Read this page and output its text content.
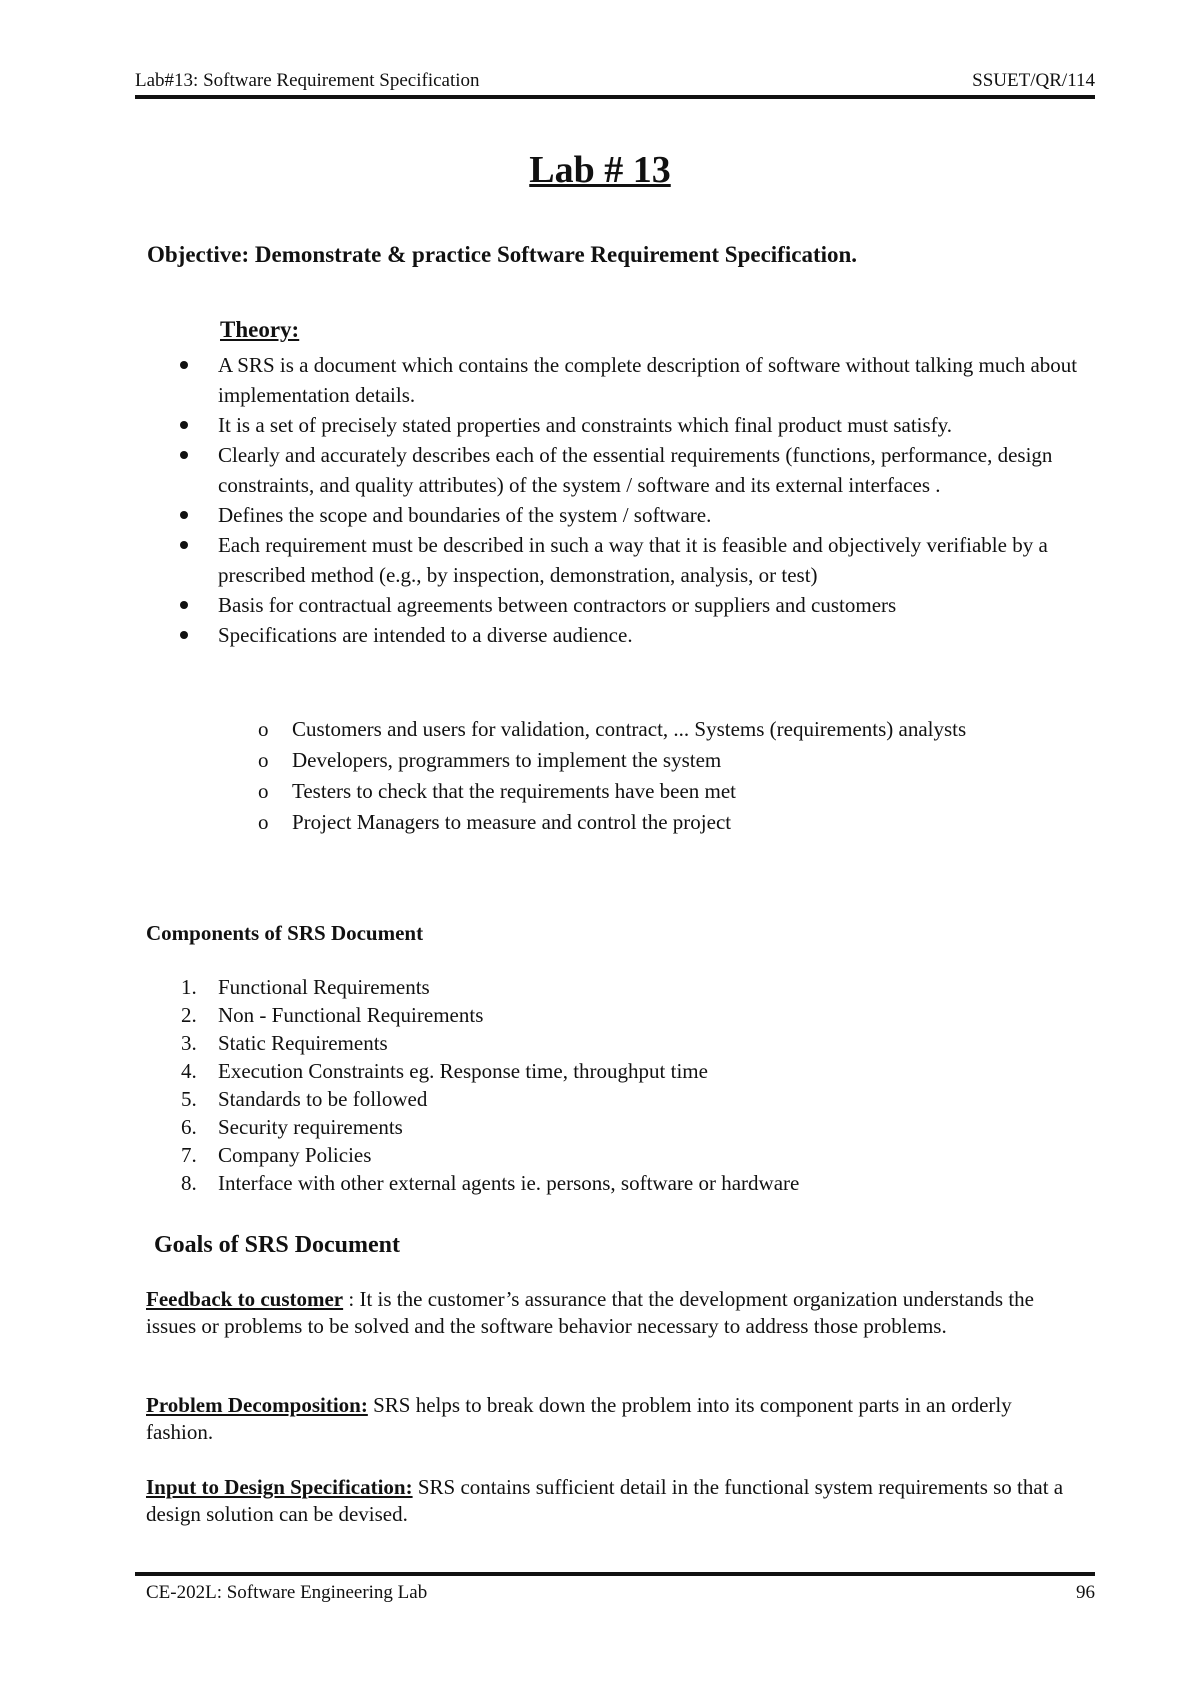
Lab#13: Software Requirement Specification	SSUET/QR/114
Lab # 13
Objective: Demonstrate & practice Software Requirement Specification.
Theory:
A SRS is a document which contains the complete description of software without talking much about implementation details.
It is a set of precisely stated properties and constraints which final product must satisfy.
Clearly and accurately describes each of the essential requirements (functions, performance, design constraints, and quality attributes) of the system / software and its external interfaces .
Defines the scope and boundaries of the system / software.
Each requirement must be described in such a way that it is feasible and objectively verifiable by a prescribed method (e.g., by inspection, demonstration, analysis, or test)
Basis for contractual agreements between contractors or suppliers and customers
Specifications are intended to a diverse audience.
o Customers and users for validation, contract, ... Systems (requirements) analysts
o Developers, programmers to implement the system
o Testers to check that the requirements have been met
o Project Managers to measure and control the project
Components of SRS Document
1. Functional Requirements
2. Non - Functional Requirements
3. Static Requirements
4. Execution Constraints eg. Response time, throughput time
5. Standards to be followed
6. Security requirements
7. Company Policies
8. Interface with other external agents ie. persons, software or hardware
Goals of SRS Document

Feedback to customer : It is the customer’s assurance that the development organization understands the issues or problems to be solved and the software behavior necessary to address those problems.

Problem Decomposition: SRS helps to break down the problem into its component parts in an orderly fashion.

Input to Design Specification: SRS contains sufficient detail in the functional system requirements so that a design solution can be devised.

CE-202L: Software Engineering Lab	96
